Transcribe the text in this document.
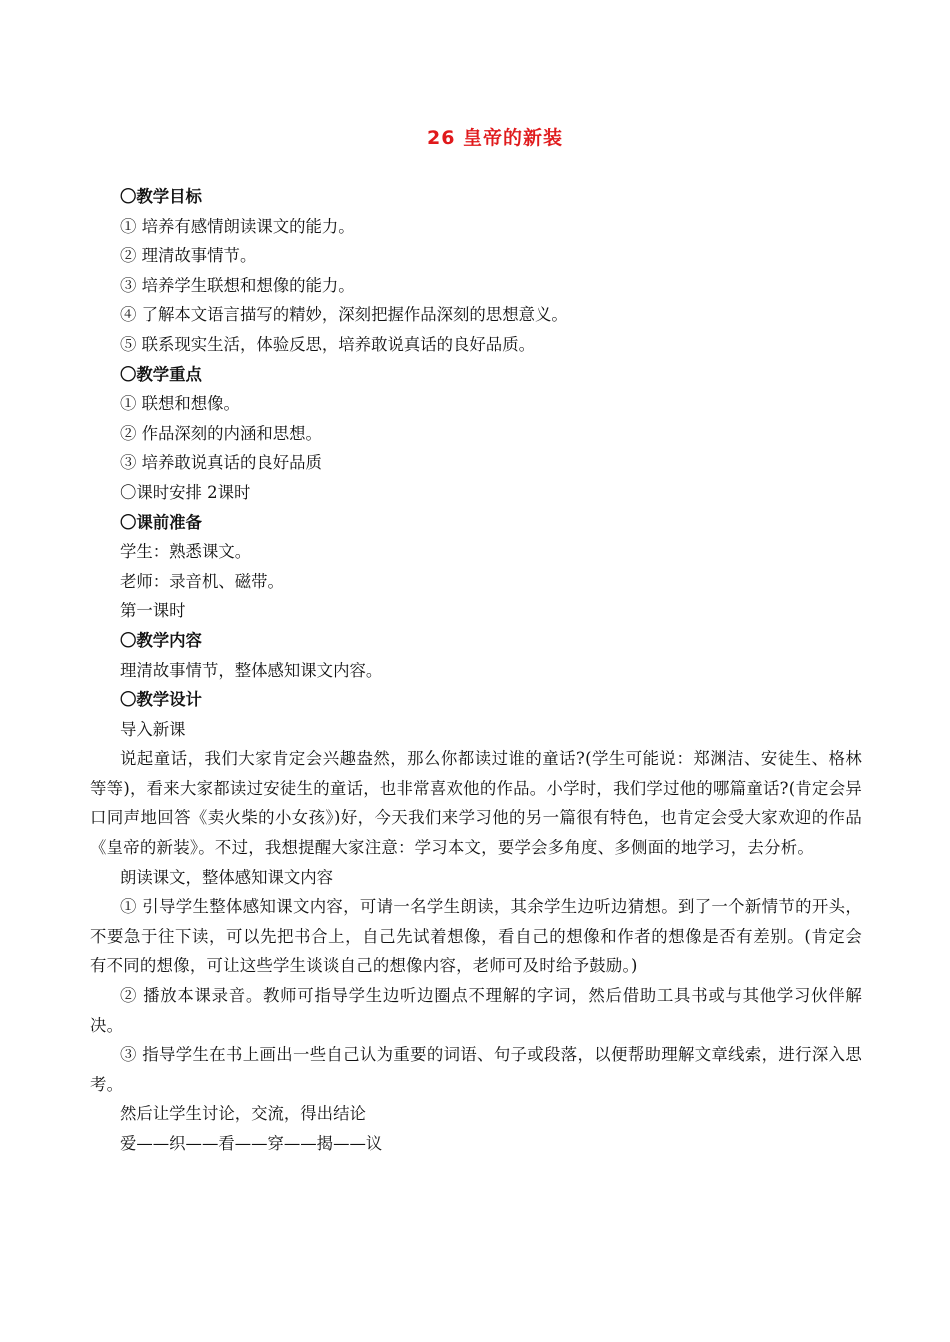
26 皇帝的新装

〇教学目标

① 培养有感情朗读课文的能力。

② 理清故事情节。

③ 培养学生联想和想像的能力。

④ 了解本文语言描写的精妙，深刻把握作品深刻的思想意义。

⑤ 联系现实生活，体验反思，培养敢说真话的良好品质。

〇教学重点

① 联想和想像。

② 作品深刻的内涵和思想。

③ 培养敢说真话的良好品质

〇课时安排 2课时

〇课前准备

学生：熟悉课文。

老师：录音机、磁带。

第一课时

〇教学内容

理清故事情节，整体感知课文内容。

〇教学设计

导入新课

说起童话，我们大家肯定会兴趣盎然，那么你都读过谁的童话?(学生可能说：郑渊洁、安徒生、格林等等)，看来大家都读过安徒生的童话，也非常喜欢他的作品。小学时，我们学过他的哪篇童话?(肯定会异口同声地回答《卖火柴的小女孩》)好，今天我们来学习他的另一篇很有特色，也肯定会受大家欢迎的作品《皇帝的新装》。不过，我想提醒大家注意：学习本文，要学会多角度、多侧面的地学习，去分析。

朗读课文，整体感知课文内容

① 引导学生整体感知课文内容，可请一名学生朗读，其余学生边听边猜想。到了一个新情节的开头，不要急于往下读，可以先把书合上，自己先试着想像，看自己的想像和作者的想像是否有差别。(肯定会有不同的想像，可让这些学生谈谈自己的想像内容，老师可及时给予鼓励。)

② 播放本课录音。教师可指导学生边听边圈点不理解的字词，然后借助工具书或与其他学习伙伴解决。

③ 指导学生在书上画出一些自己认为重要的词语、句子或段落，以便帮助理解文章线索，进行深入思考。

然后让学生讨论，交流，得出结论

爱——织——看——穿——揭——议
